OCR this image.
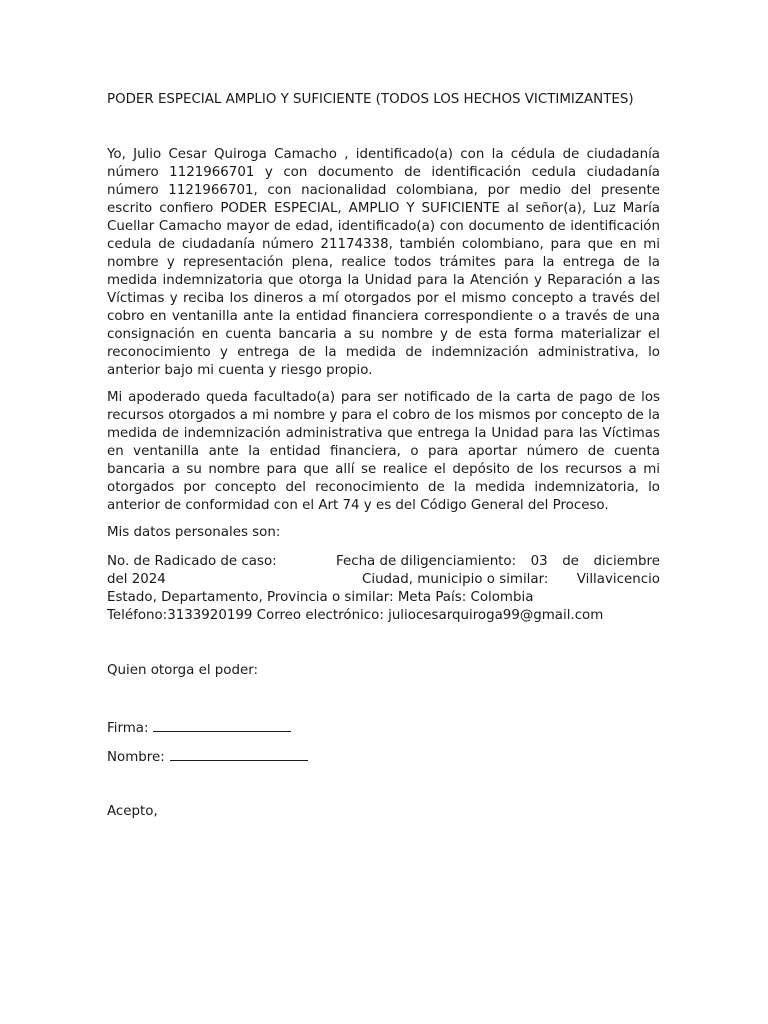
PODER ESPECIAL AMPLIO Y SUFICIENTE (TODOS LOS HECHOS VICTIMIZANTES)

Yo, Julio Cesar Quiroga Camacho , identificado(a) con la cédula de ciudadanía número 1121966701 y con documento de identificación cedula ciudadanía número 1121966701, con nacionalidad colombiana, por medio del presente escrito confiero PODER ESPECIAL, AMPLIO Y SUFICIENTE al señor(a), Luz María Cuellar Camacho mayor de edad, identificado(a) con documento de identificación cedula de ciudadanía número 21174338, también colombiano, para que en mi nombre y representación plena, realice todos trámites para la entrega de la medida indemnizatoria que otorga la Unidad para la Atención y Reparación a las Víctimas y reciba los dineros a mí otorgados por el mismo concepto a través del cobro en ventanilla ante la entidad financiera correspondiente o a través de una consignación en cuenta bancaria a su nombre y de esta forma materializar el reconocimiento y entrega de la medida de indemnización administrativa, lo anterior bajo mi cuenta y riesgo propio.

Mi apoderado queda facultado(a) para ser notificado de la carta de pago de los recursos otorgados a mi nombre y para el cobro de los mismos por concepto de la medida de indemnización administrativa que entrega la Unidad para las Víctimas en ventanilla ante la entidad financiera, o para aportar número de cuenta bancaria a su nombre para que allí se realice el depósito de los recursos a mi otorgados por concepto del reconocimiento de la medida indemnizatoria, lo anterior de conformidad con el Art 74 y es del Código General del Proceso.

Mis datos personales son:

No. de Radicado de caso:	Fecha de diligenciamiento: 03 de diciembre
del 2024	Ciudad, municipio o similar: Villavicencio
Estado, Departamento, Provincia o similar: Meta País: Colombia
Teléfono:3133920199 Correo electrónico: juliocesarquiroga99@gmail.com
Quien otorga el poder:
Firma:
Nombre:
Acepto,
